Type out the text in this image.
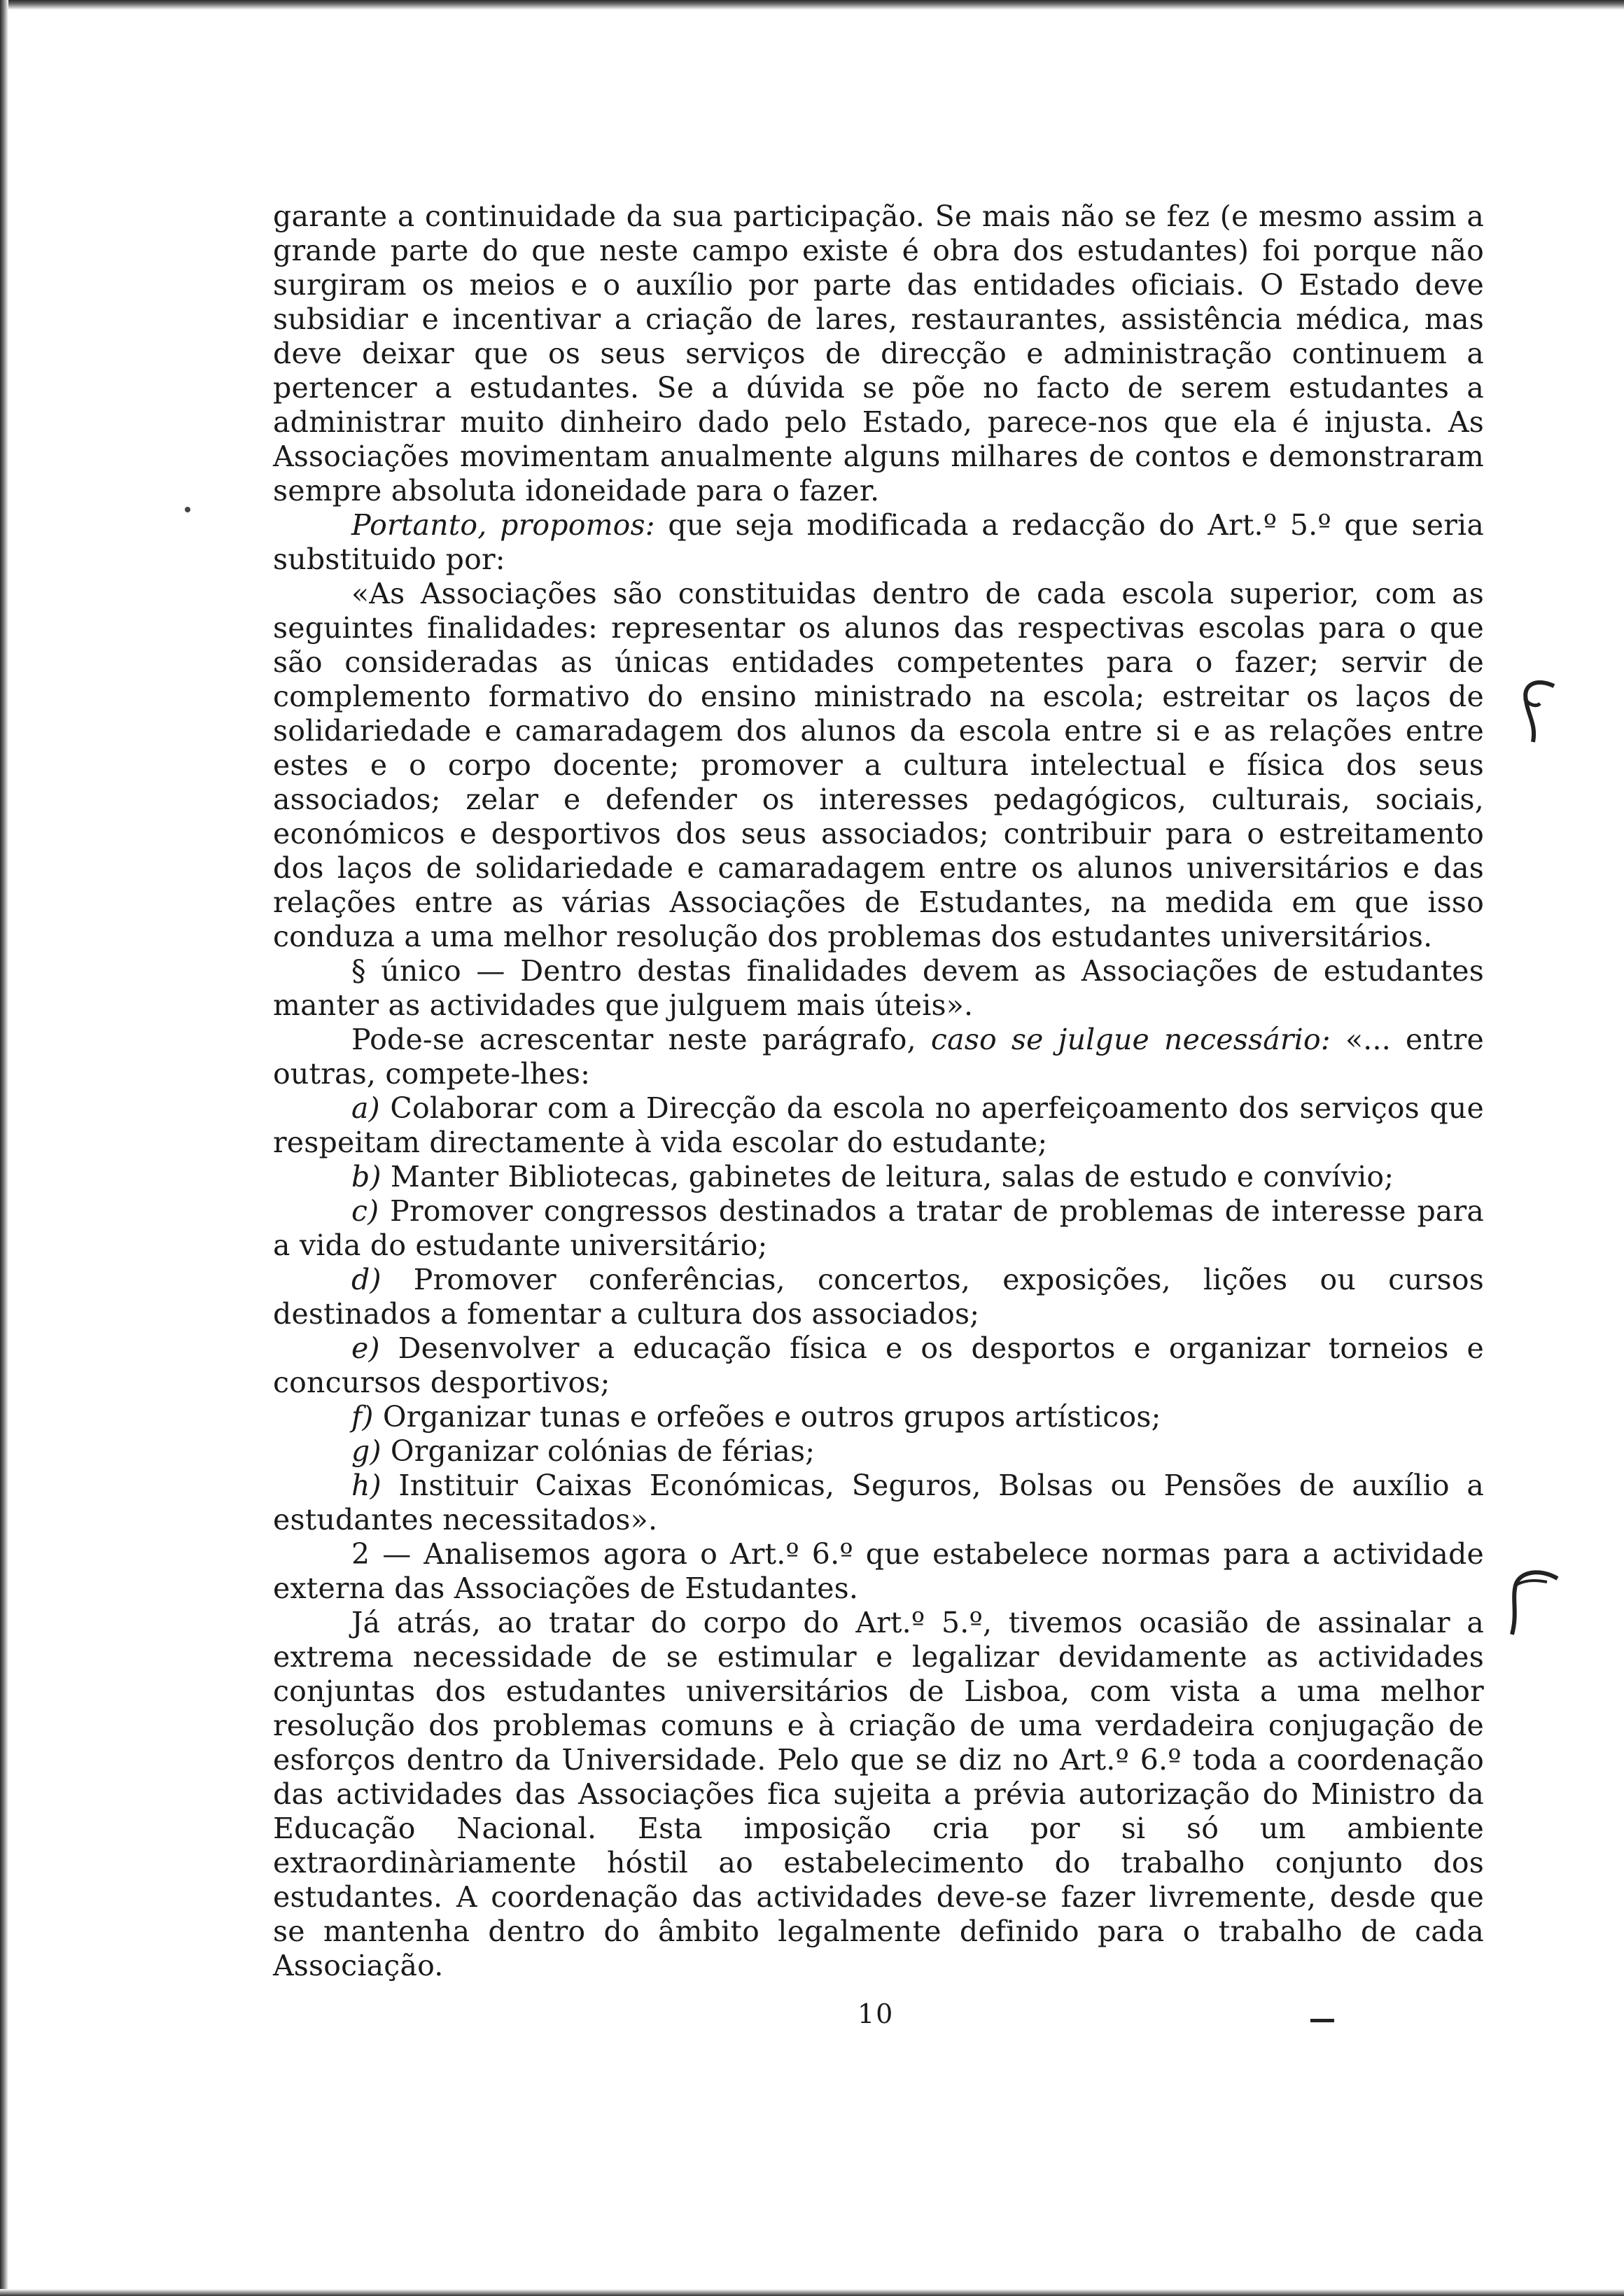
garante a continuidade da sua participação. Se mais não se fez (e mesmo assim a grande parte do que neste campo existe é obra dos estudantes) foi porque não surgiram os meios e o auxílio por parte das entidades oficiais. O Estado deve subsidiar e incentivar a criação de lares, restaurantes, assistência médica, mas deve deixar que os seus serviços de direcção e administração continuem a pertencer a estudantes. Se a dúvida se põe no facto de serem estudantes a administrar muito dinheiro dado pelo Estado, parece-nos que ela é injusta. As Associações movimentam anualmente alguns milhares de contos e demonstraram sempre absoluta idoneidade para o fazer.

Portanto, propomos: que seja modificada a redacção do Art.º 5.º que seria substituido por:

«As Associações são constituidas dentro de cada escola superior, com as seguintes finalidades: representar os alunos das respectivas escolas para o que são consideradas as únicas entidades competentes para o fazer; servir de complemento formativo do ensino ministrado na escola; estreitar os laços de solidariedade e camaradagem dos alunos da escola entre si e as relações entre estes e o corpo docente; promover a cultura intelectual e física dos seus associados; zelar e defender os interesses pedagógicos, culturais, sociais, económicos e desportivos dos seus associados; contribuir para o estreitamento dos laços de solidariedade e camaradagem entre os alunos universitários e das relações entre as várias Associações de Estudantes, na medida em que isso conduza a uma melhor resolução dos problemas dos estudantes universitários.

§ único — Dentro destas finalidades devem as Associações de estudantes manter as actividades que julguem mais úteis».

Pode-se acrescentar neste parágrafo, caso se julgue necessário: «... entre outras, compete-lhes:

a) Colaborar com a Direcção da escola no aperfeiçoamento dos serviços que respeitam directamente à vida escolar do estudante;

b) Manter Bibliotecas, gabinetes de leitura, salas de estudo e convívio;

c) Promover congressos destinados a tratar de problemas de interesse para a vida do estudante universitário;

d) Promover conferências, concertos, exposições, lições ou cursos destinados a fomentar a cultura dos associados;

e) Desenvolver a educação física e os desportos e organizar torneios e concursos desportivos;

f) Organizar tunas e orfeões e outros grupos artísticos;

g) Organizar colónias de férias;

h) Instituir Caixas Económicas, Seguros, Bolsas ou Pensões de auxílio a estudantes necessitados».

2 — Analisemos agora o Art.º 6.º que estabelece normas para a actividade externa das Associações de Estudantes.

Já atrás, ao tratar do corpo do Art.º 5.º, tivemos ocasião de assinalar a extrema necessidade de se estimular e legalizar devidamente as actividades conjuntas dos estudantes universitários de Lisboa, com vista a uma melhor resolução dos problemas comuns e à criação de uma verdadeira conjugação de esforços dentro da Universidade. Pelo que se diz no Art.º 6.º toda a coordenação das actividades das Associações fica sujeita a prévia autorização do Ministro da Educação Nacional. Esta imposição cria por si só um ambiente extraordinàriamente hóstil ao estabelecimento do trabalho conjunto dos estudantes. A coordenação das actividades deve-se fazer livremente, desde que se mantenha dentro do âmbito legalmente definido para o trabalho de cada Associação.

10
